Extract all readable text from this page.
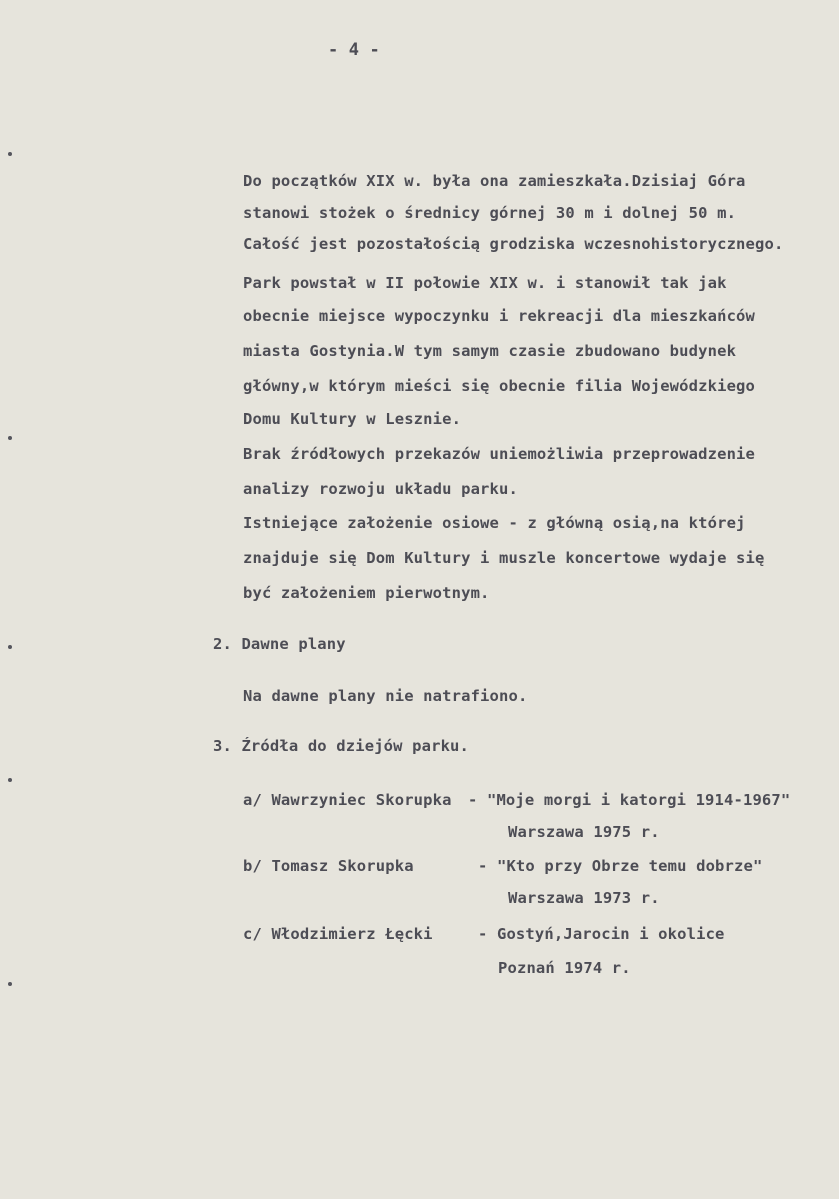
- 4 -
Do początków XIX w. była ona zamieszkała.Dzisiaj Góra
stanowi stożek o średnicy górnej 30 m i dolnej 50 m.
Całość jest pozostałością grodziska wczesnohistorycznego.
Park powstał w II połowie XIX w. i stanowił tak jak
obecnie miejsce wypoczynku i rekreacji dla mieszkańców
miasta Gostynia.W tym samym czasie zbudowano budynek
główny,w którym mieści się obecnie filia Wojewódzkiego
Domu Kultury w Lesznie.
Brak źródłowych przekazów uniemożliwia przeprowadzenie
analizy rozwoju układu parku.
Istniejące założenie osiowe - z główną osią,na której
znajduje się Dom Kultury i muszle koncertowe wydaje się
być założeniem pierwotnym.
2. Dawne plany
Na dawne plany nie natrafiono.
3. Źródła do dziejów parku.
a/ Wawrzyniec Skorupka - "Moje morgi i katorgi 1914-1967"
Warszawa 1975 r.
b/ Tomasz Skorupka	- "Kto przy Obrze temu dobrze"
Warszawa 1973 r.
c/ Włodzimierz Łęcki	- Gostyń,Jarocin i okolice
Poznań 1974 r.
